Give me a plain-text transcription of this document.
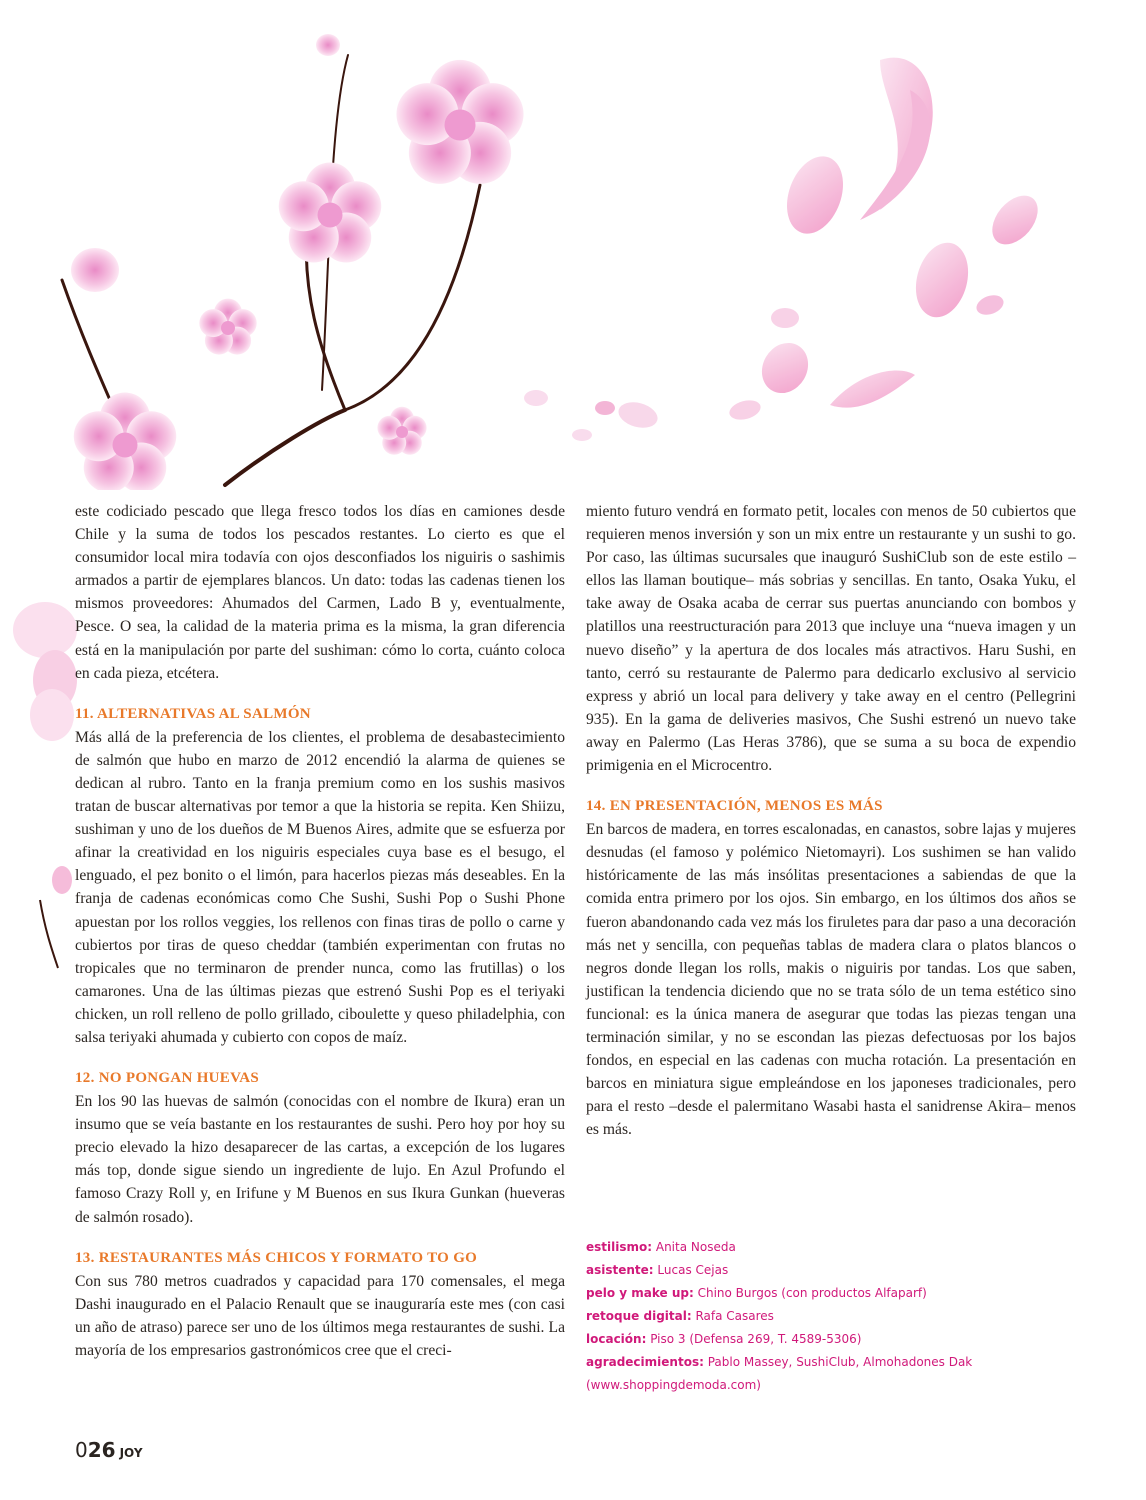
este codiciado pescado que llega fresco todos los días en camiones desde Chile y la suma de todos los pescados restantes. Lo cierto es que el consumidor local mira todavía con ojos desconfiados los niguiris o sashimis armados a partir de ejemplares blancos. Un dato: todas las cadenas tienen los mismos proveedores: Ahumados del Carmen, Lado B y, eventualmente, Pesce. O sea, la calidad de la materia prima es la misma, la gran diferencia está en la manipulación por parte del sushiman: cómo lo corta, cuánto coloca en cada pieza, etcétera.

11. ALTERNATIVAS AL SALMÓN

Más allá de la preferencia de los clientes, el problema de desabastecimiento de salmón que hubo en marzo de 2012 encendió la alarma de quienes se dedican al rubro. Tanto en la franja premium como en los sushis masivos tratan de buscar alternativas por temor a que la historia se repita. Ken Shiizu, sushiman y uno de los dueños de M Buenos Aires, admite que se esfuerza por afinar la creatividad en los niguiris especiales cuya base es el besugo, el lenguado, el pez bonito o el limón, para hacerlos piezas más deseables. En la franja de cadenas económicas como Che Sushi, Sushi Pop o Sushi Phone apuestan por los rollos veggies, los rellenos con finas tiras de pollo o carne y cubiertos por tiras de queso cheddar (también experimentan con frutas no tropicales que no terminaron de prender nunca, como las frutillas) o los camarones. Una de las últimas piezas que estrenó Sushi Pop es el teriyaki chicken, un roll relleno de pollo grillado, ciboulette y queso philadelphia, con salsa teriyaki ahumada y cubierto con copos de maíz.

12. NO PONGAN HUEVAS

En los 90 las huevas de salmón (conocidas con el nombre de Ikura) eran un insumo que se veía bastante en los restaurantes de sushi. Pero hoy por hoy su precio elevado la hizo desaparecer de las cartas, a excepción de los lugares más top, donde sigue siendo un ingrediente de lujo. En Azul Profundo el famoso Crazy Roll y, en Irifune y M Buenos en sus Ikura Gunkan (hueveras de salmón rosado).

13. RESTAURANTES MÁS CHICOS Y FORMATO TO GO

Con sus 780 metros cuadrados y capacidad para 170 comensales, el mega Dashi inaugurado en el Palacio Renault que se inauguraría este mes (con casi un año de atraso) parece ser uno de los últimos mega restaurantes de sushi. La mayoría de los empresarios gastronómicos cree que el creci-

miento futuro vendrá en formato petit, locales con menos de 50 cubiertos que requieren menos inversión y son un mix entre un restaurante y un sushi to go. Por caso, las últimas sucursales que inauguró SushiClub son de este estilo –ellos las llaman boutique– más sobrias y sencillas. En tanto, Osaka Yuku, el take away de Osaka acaba de cerrar sus puertas anunciando con bombos y platillos una reestructuración para 2013 que incluye una “nueva imagen y un nuevo diseño” y la apertura de dos locales más atractivos. Haru Sushi, en tanto, cerró su restaurante de Palermo para dedicarlo exclusivo al servicio express y abrió un local para delivery y take away en el centro (Pellegrini 935). En la gama de deliveries masivos, Che Sushi estrenó un nuevo take away en Palermo (Las Heras 3786), que se suma a su boca de expendio primigenia en el Microcentro.

14. EN PRESENTACIÓN, MENOS ES MÁS

En barcos de madera, en torres escalonadas, en canastos, sobre lajas y mujeres desnudas (el famoso y polémico Nietomayri). Los sushimen se han valido históricamente de las más insólitas presentaciones a sabiendas de que la comida entra primero por los ojos. Sin embargo, en los últimos dos años se fueron abandonando cada vez más los firuletes para dar paso a una decoración más net y sencilla, con pequeñas tablas de madera clara o platos blancos o negros donde llegan los rolls, makis o niguiris por tandas. Los que saben, justifican la tendencia diciendo que no se trata sólo de un tema estético sino funcional: es la única manera de asegurar que todas las piezas tengan una terminación similar, y no se escondan las piezas defectuosas por los bajos fondos, en especial en las cadenas con mucha rotación. La presentación en barcos en miniatura sigue empleándose en los japoneses tradicionales, pero para el resto –desde el palermitano Wasabi hasta el sanidrense Akira– menos es más.

estilismo: Anita Noseda
asistente: Lucas Cejas
pelo y make up: Chino Burgos (con productos Alfaparf)
retoque digital: Rafa Casares
locación: Piso 3 (Defensa 269, T. 4589-5306)
agradecimientos: Pablo Massey, SushiClub, Almohadones Dak
(www.shoppingdemoda.com)
026 JOY
